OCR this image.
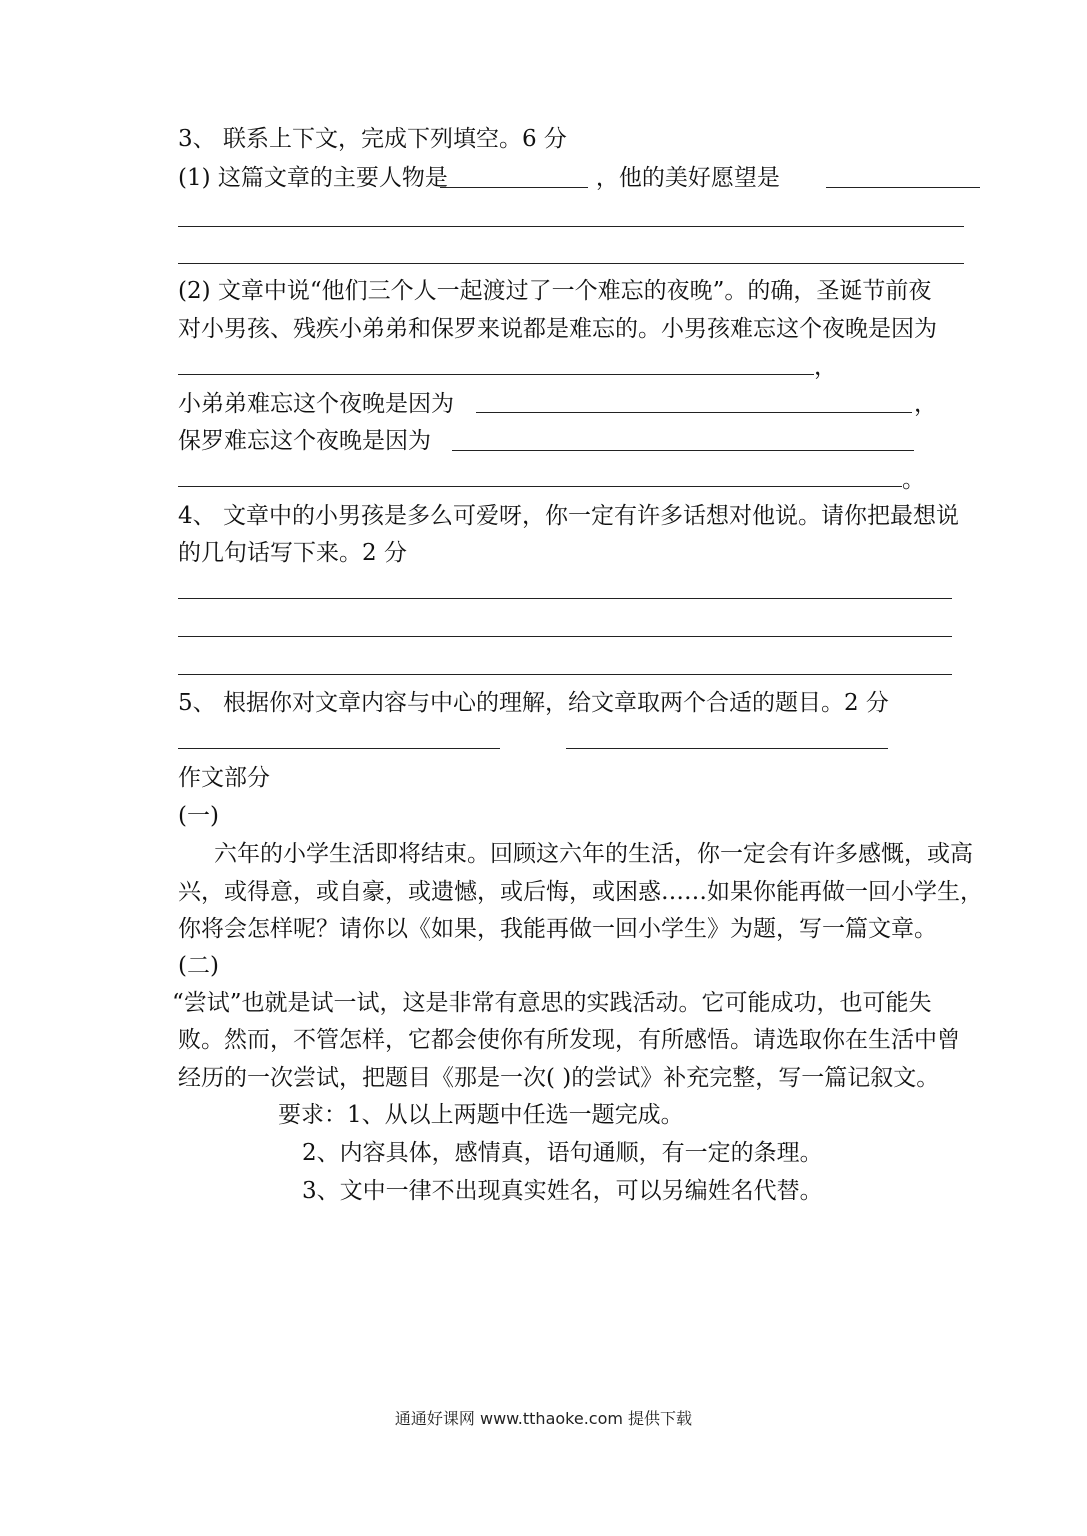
3、 联系上下文，完成下列填空。6 分
(1) 这篇文章的主要人物是	，他的美好愿望是
(2) 文章中说“他们三个人一起渡过了一个难忘的夜晚”。的确，圣诞节前夜
对小男孩、残疾小弟弟和保罗来说都是难忘的。小男孩难忘这个夜晚是因为
，
小弟弟难忘这个夜晚是因为	，
保罗难忘这个夜晚是因为
。
4、 文章中的小男孩是多么可爱呀，你一定有许多话想对他说。请你把最想说
的几句话写下来。2 分
5、 根据你对文章内容与中心的理解，给文章取两个合适的题目。2 分
作文部分
(一)
六年的小学生活即将结束。回顾这六年的生活，你一定会有许多感慨，或高
兴，或得意，或自豪，或遗憾，或后悔，或困惑……如果你能再做一回小学生，
你将会怎样呢？请你以《如果，我能再做一回小学生》为题，写一篇文章。
(二)
“尝试”也就是试一试，这是非常有意思的实践活动。它可能成功，也可能失
败。然而，不管怎样，它都会使你有所发现，有所感悟。请选取你在生活中曾
经历的一次尝试，把题目《那是一次( )的尝试》补充完整，写一篇记叙文。
要求：1、从以上两题中任选一题完成。
2、内容具体，感情真，语句通顺，有一定的条理。
3、文中一律不出现真实姓名，可以另编姓名代替。
通通好课网 www.tthaoke.com 提供下载
